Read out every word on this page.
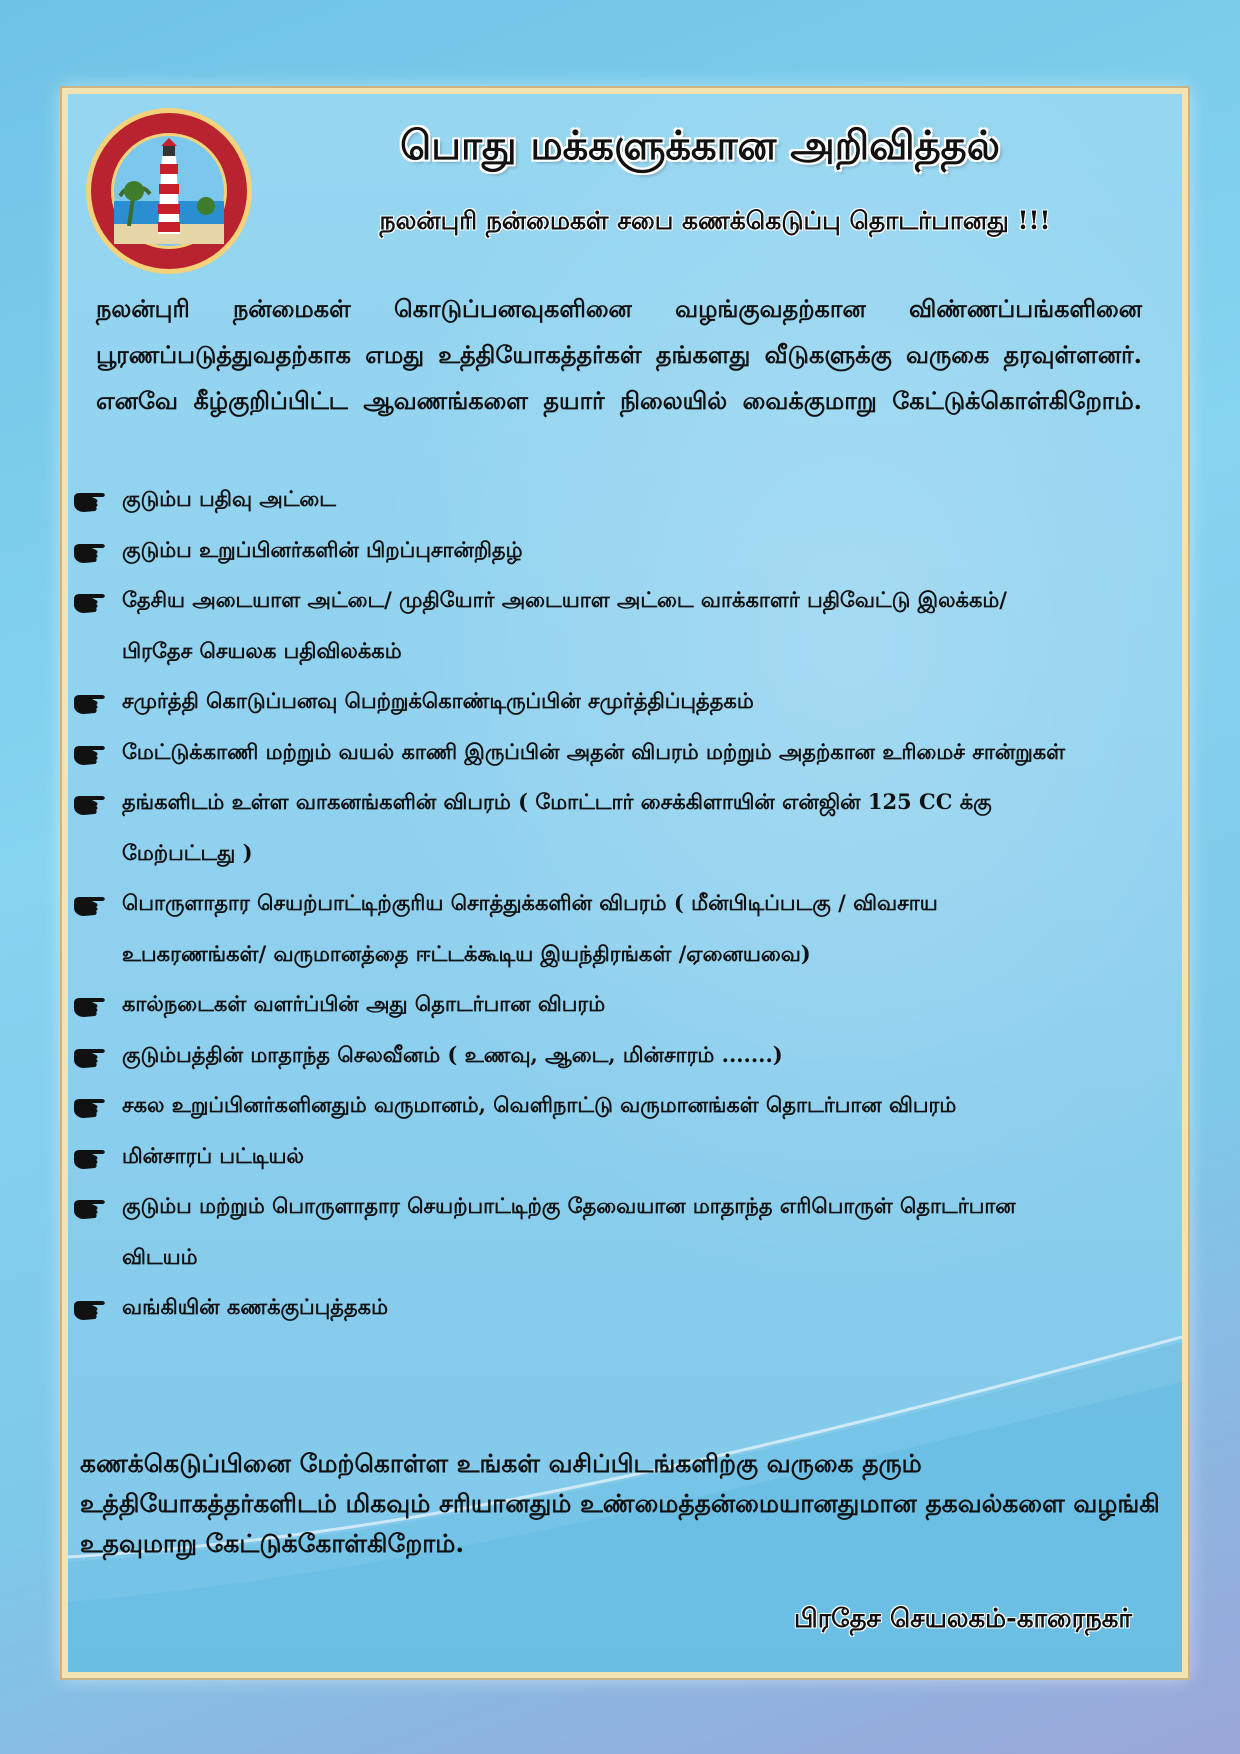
பொது மக்களுக்கான அறிவித்தல்
நலன்புரி நன்மைகள் சபை கணக்கெடுப்பு தொடர்பானது !!!
நலன்புரி நன்மைகள் கொடுப்பனவுகளினை வழங்குவதற்கான விண்ணப்பங்களினை பூரணப்படுத்துவதற்காக எமது உத்தியோகத்தர்கள் தங்களது வீடுகளுக்கு வருகை தரவுள்ளனர். எனவே கீழ்குறிப்பிட்ட ஆவணங்களை தயார் நிலையில் வைக்குமாறு கேட்டுக்கொள்கிறோம்.
குடும்ப பதிவு அட்டை
குடும்ப உறுப்பினர்களின் பிறப்புசான்றிதழ்
தேசிய அடையாள அட்டை/ முதியோர் அடையாள அட்டை வாக்காளர் பதிவேட்டு இலக்கம்/ பிரதேச செயலக பதிவிலக்கம்
சமுர்த்தி கொடுப்பனவு பெற்றுக்கொண்டிருப்பின் சமுர்த்திப்புத்தகம்
மேட்டுக்காணி மற்றும் வயல் காணி இருப்பின் அதன் விபரம் மற்றும் அதற்கான உரிமைச் சான்றுகள்
தங்களிடம் உள்ள வாகனங்களின் விபரம் ( மோட்டார் சைக்கிளாயின் என்ஜின் 125 CC க்கு மேற்பட்டது )
பொருளாதார செயற்பாட்டிற்குரிய சொத்துக்களின் விபரம் ( மீன்பிடிப்படகு / விவசாய உபகரணங்கள்/ வருமானத்தை ஈட்டக்கூடிய இயந்திரங்கள் /ஏனையவை)
கால்நடைகள் வளர்ப்பின் அது தொடர்பான விபரம்
குடும்பத்தின் மாதாந்த செலவீனம் ( உணவு, ஆடை, மின்சாரம் .......)
சகல உறுப்பினர்களினதும் வருமானம், வெளிநாட்டு வருமானங்கள் தொடர்பான விபரம்
மின்சாரப் பட்டியல்
குடும்ப மற்றும் பொருளாதார செயற்பாட்டிற்கு தேவையான மாதாந்த எரிபொருள் தொடர்பான விடயம்
வங்கியின் கணக்குப்புத்தகம்
கணக்கெடுப்பினை மேற்கொள்ள உங்கள் வசிப்பிடங்களிற்கு வருகை தரும் உத்தியோகத்தர்களிடம் மிகவும் சரியானதும் உண்மைத்தன்மையானதுமான தகவல்களை வழங்கி உதவுமாறு கேட்டுக்கோள்கிறோம்.
பிரதேச செயலகம்-காரைநகர்
